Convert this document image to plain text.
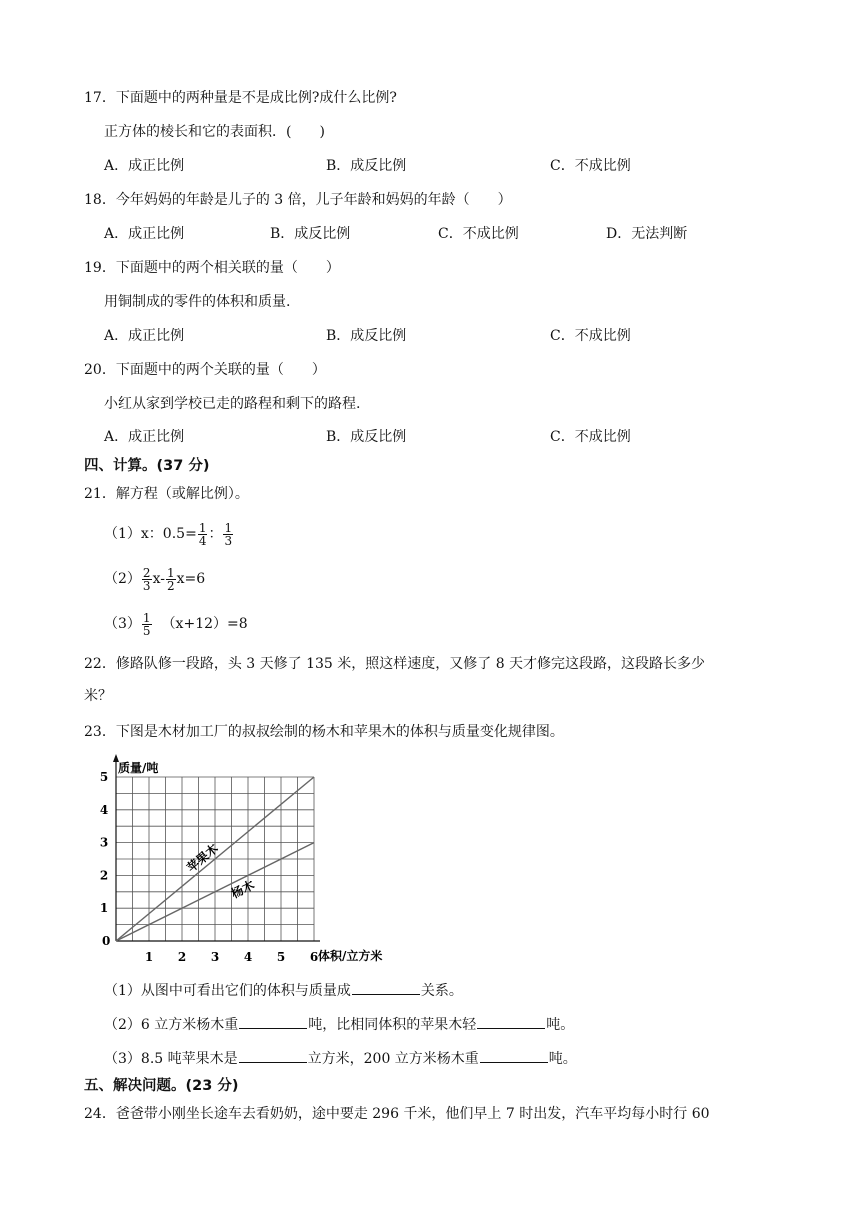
17．下面题中的两种量是不是成比例?成什么比例?
正方体的棱长和它的表面积．(　　)
A．成正比例	B．成反比例	C．不成比例
18．今年妈妈的年龄是儿子的 3 倍，儿子年龄和妈妈的年龄（　　）
A．成正比例	B．成反比例	C．不成比例	D．无法判断
19．下面题中的两个相关联的量（　　）
用铜制成的零件的体积和质量.
A．成正比例	B．成反比例	C．不成比例
20．下面题中的两个关联的量（　　）
小红从家到学校已走的路程和剩下的路程.
A．成正比例	B．成反比例	C．不成比例
四、计算。(37 分)
21．解方程（或解比例）。
（1）x：$0.5= \frac{1}{4}$ ： $\frac{1}{3}$
$(2) \frac{2}{3} x- \frac{1}{2} x=6$
$(3) \frac{1}{5} (x+12)=8$
22．修路队修一段路，头 3 天修了 135 米，照这样速度，又修了 8 天才修完这段路，这段路长多少
米？
23．下图是木材加工厂的叔叔绘制的杨木和苹果木的体积与质量变化规律图。
苹果木
杨木
0
1 2 3 4 5 6
1
2
3
4
5
质量/吨
体积/立方米
（1）从图中可看出它们的体积与质量成	关系。
（2）6 立方米杨木重	吨，比相同体积的苹果木轻	吨。
（3）8.5 吨苹果木是	立方米，200 立方米杨木重	吨。
五、解决问题。(23 分)
24．爸爸带小刚坐长途车去看奶奶，途中要走 296 千米，他们早上 7 时出发，汽车平均每小时行 60
